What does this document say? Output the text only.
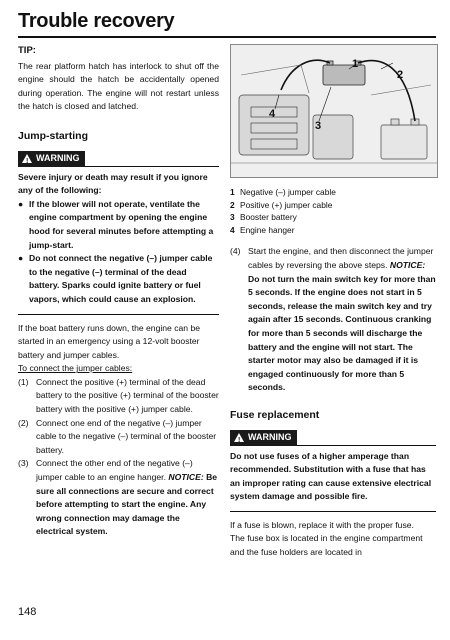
Trouble recovery
TIP:

The rear platform hatch has interlock to shut off the engine should the hatch be accidentally opened during operation. The engine will not restart unless the hatch is closed and latched.

Jump-starting
! WARNING

Severe injury or death may result if you ignore any of the following:

● If the blower will not operate, ventilate the engine compartment by opening the engine hood for several minutes before attempting a jump-start.

● Do not connect the negative (–) jumper cable to the negative (–) terminal of the dead battery. Sparks could ignite battery or fuel vapors, which could cause an explosion.

If the boat battery runs down, the engine can be started in an emergency using a 12-volt booster battery and jumper cables.

To connect the jumper cables:

(1) Connect the positive (+) terminal of the dead battery to the positive (+) terminal of the booster battery with the positive (+) jumper cable.

(2) Connect one end of the negative (–) jumper cable to the negative (–) terminal of the booster battery.

(3) Connect the other end of the negative (–) jumper cable to an engine hanger. NOTICE: Be sure all connections are secure and correct before attempting to start the engine. Any wrong connection may damage the electrical system.

1
2
3
4
1 Negative (–) jumper cable
2 Positive (+) jumper cable
3 Booster battery
4 Engine hanger
(4) Start the engine, and then disconnect the jumper cables by reversing the above steps. NOTICE: Do not turn the main switch key for more than 5 seconds. If the engine does not start in 5 seconds, release the main switch key and try again after 15 seconds. Continuous cranking for more than 5 seconds will discharge the battery and the engine will not start. The starter motor may also be damaged if it is engaged continuously for more than 5 seconds.

Fuse replacement
! WARNING

Do not use fuses of a higher amperage than recommended. Substitution with a fuse that has an improper rating can cause extensive electrical system damage and possible fire.

If a fuse is blown, replace it with the proper fuse.

The fuse box is located in the engine compartment and the fuse holders are located in

148
